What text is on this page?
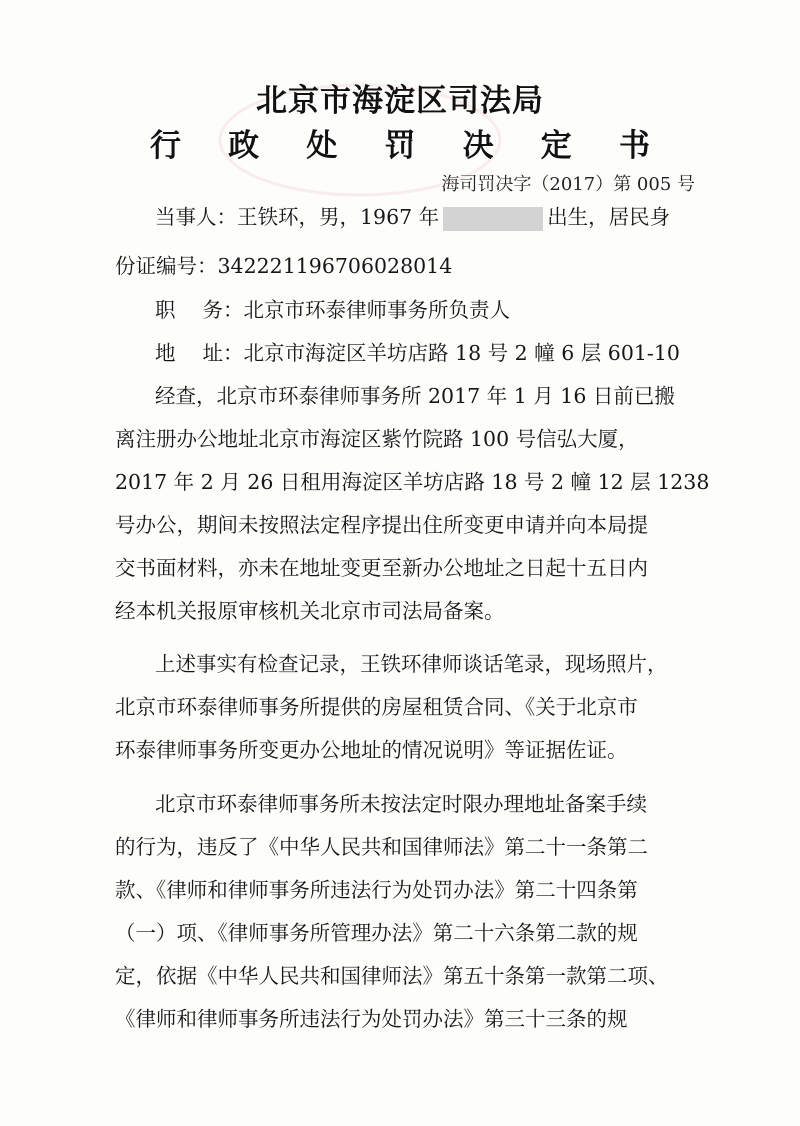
北京市海淀区司法局
行 政 处 罚 决 定 书
海司罚决字（2017）第 005 号
当事人：王铁环，男，1967 年	出生，居民身
份证编号：342221196706028014
职　 务：北京市环泰律师事务所负责人
地　 址：北京市海淀区羊坊店路 18 号 2 幢 6 层 601-10
经查，北京市环泰律师事务所 2017 年 1 月 16 日前已搬
离注册办公地址北京市海淀区紫竹院路 100 号信弘大厦，
2017 年 2 月 26 日租用海淀区羊坊店路 18 号 2 幢 12 层 1238
号办公，期间未按照法定程序提出住所变更申请并向本局提
交书面材料，亦未在地址变更至新办公地址之日起十五日内
经本机关报原审核机关北京市司法局备案。
上述事实有检查记录，王铁环律师谈话笔录，现场照片，
北京市环泰律师事务所提供的房屋租赁合同、《关于北京市
环泰律师事务所变更办公地址的情况说明》等证据佐证。
北京市环泰律师事务所未按法定时限办理地址备案手续
的行为，违反了《中华人民共和国律师法》第二十一条第二
款、《律师和律师事务所违法行为处罚办法》第二十四条第
（一）项、《律师事务所管理办法》第二十六条第二款的规
定，依据《中华人民共和国律师法》第五十条第一款第二项、
《律师和律师事务所违法行为处罚办法》第三十三条的规
